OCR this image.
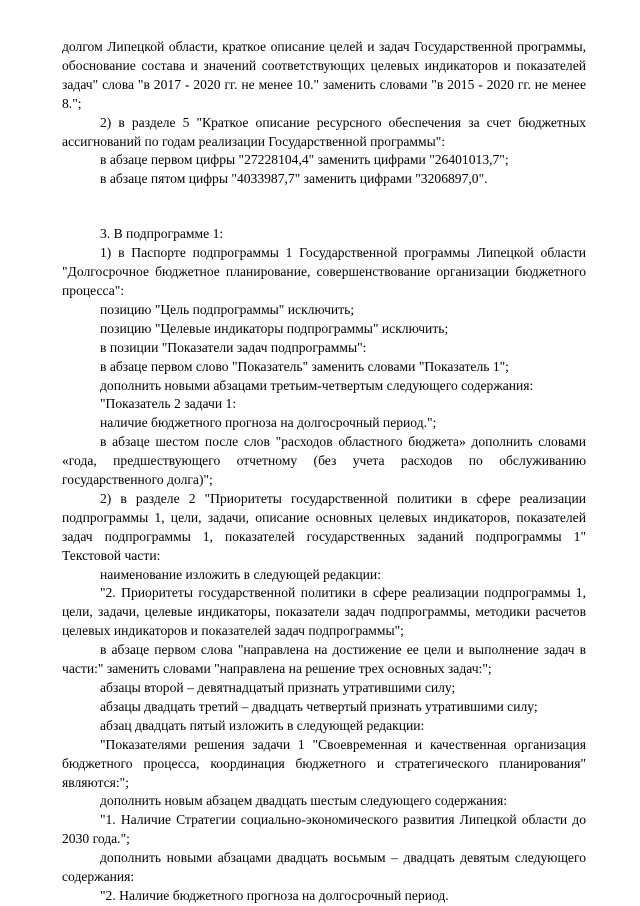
долгом Липецкой области, краткое описание целей и задач Государственной программы, обоснование состава и значений соответствующих целевых индикаторов и показателей задач" слова "в 2017 - 2020 гг. не менее 10." заменить словами "в 2015 - 2020 гг. не менее 8.";

2) в разделе 5 "Краткое описание ресурсного обеспечения за счет бюджетных ассигнований по годам реализации Государственной программы":

в абзаце первом цифры "27228104,4" заменить цифрами "26401013,7";

в абзаце пятом цифры "4033987,7" заменить цифрами "3206897,0".

3. В подпрограмме 1:

1) в Паспорте подпрограммы 1 Государственной программы Липецкой области "Долгосрочное бюджетное планирование, совершенствование организации бюджетного процесса":

позицию "Цель подпрограммы" исключить;

позицию "Целевые индикаторы подпрограммы" исключить;

в позиции "Показатели задач подпрограммы":

в абзаце первом слово "Показатель" заменить словами "Показатель 1";

дополнить новыми абзацами третьим-четвертым следующего содержания:

"Показатель 2 задачи 1:

наличие бюджетного прогноза на долгосрочный период.";

в абзаце шестом после слов "расходов областного бюджета» дополнить словами «года, предшествующего отчетному (без учета расходов по обслуживанию государственного долга)";

2) в разделе 2 "Приоритеты государственной политики в сфере реализации подпрограммы 1, цели, задачи, описание основных целевых индикаторов, показателей задач подпрограммы 1, показателей государственных заданий подпрограммы 1" Текстовой части:

наименование изложить в следующей редакции:

"2. Приоритеты государственной политики в сфере реализации подпрограммы 1, цели, задачи, целевые индикаторы, показатели задач подпрограммы, методики расчетов целевых индикаторов и показателей задач подпрограммы";

в абзаце первом слова "направлена на достижение ее цели и выполнение задач в части:" заменить словами "направлена на решение трех основных задач:";

абзацы второй – девятнадцатый признать утратившими силу;

абзацы двадцать третий – двадцать четвертый признать утратившими силу;

абзац двадцать пятый изложить в следующей редакции:

"Показателями решения задачи 1 "Своевременная и качественная организация бюджетного процесса, координация бюджетного и стратегического планирования" являются:";

дополнить новым абзацем двадцать шестым следующего содержания:

"1. Наличие Стратегии социально-экономического развития Липецкой области до 2030 года.";

дополнить новыми абзацами двадцать восьмым – двадцать девятым следующего содержания:

"2. Наличие бюджетного прогноза на долгосрочный период.
